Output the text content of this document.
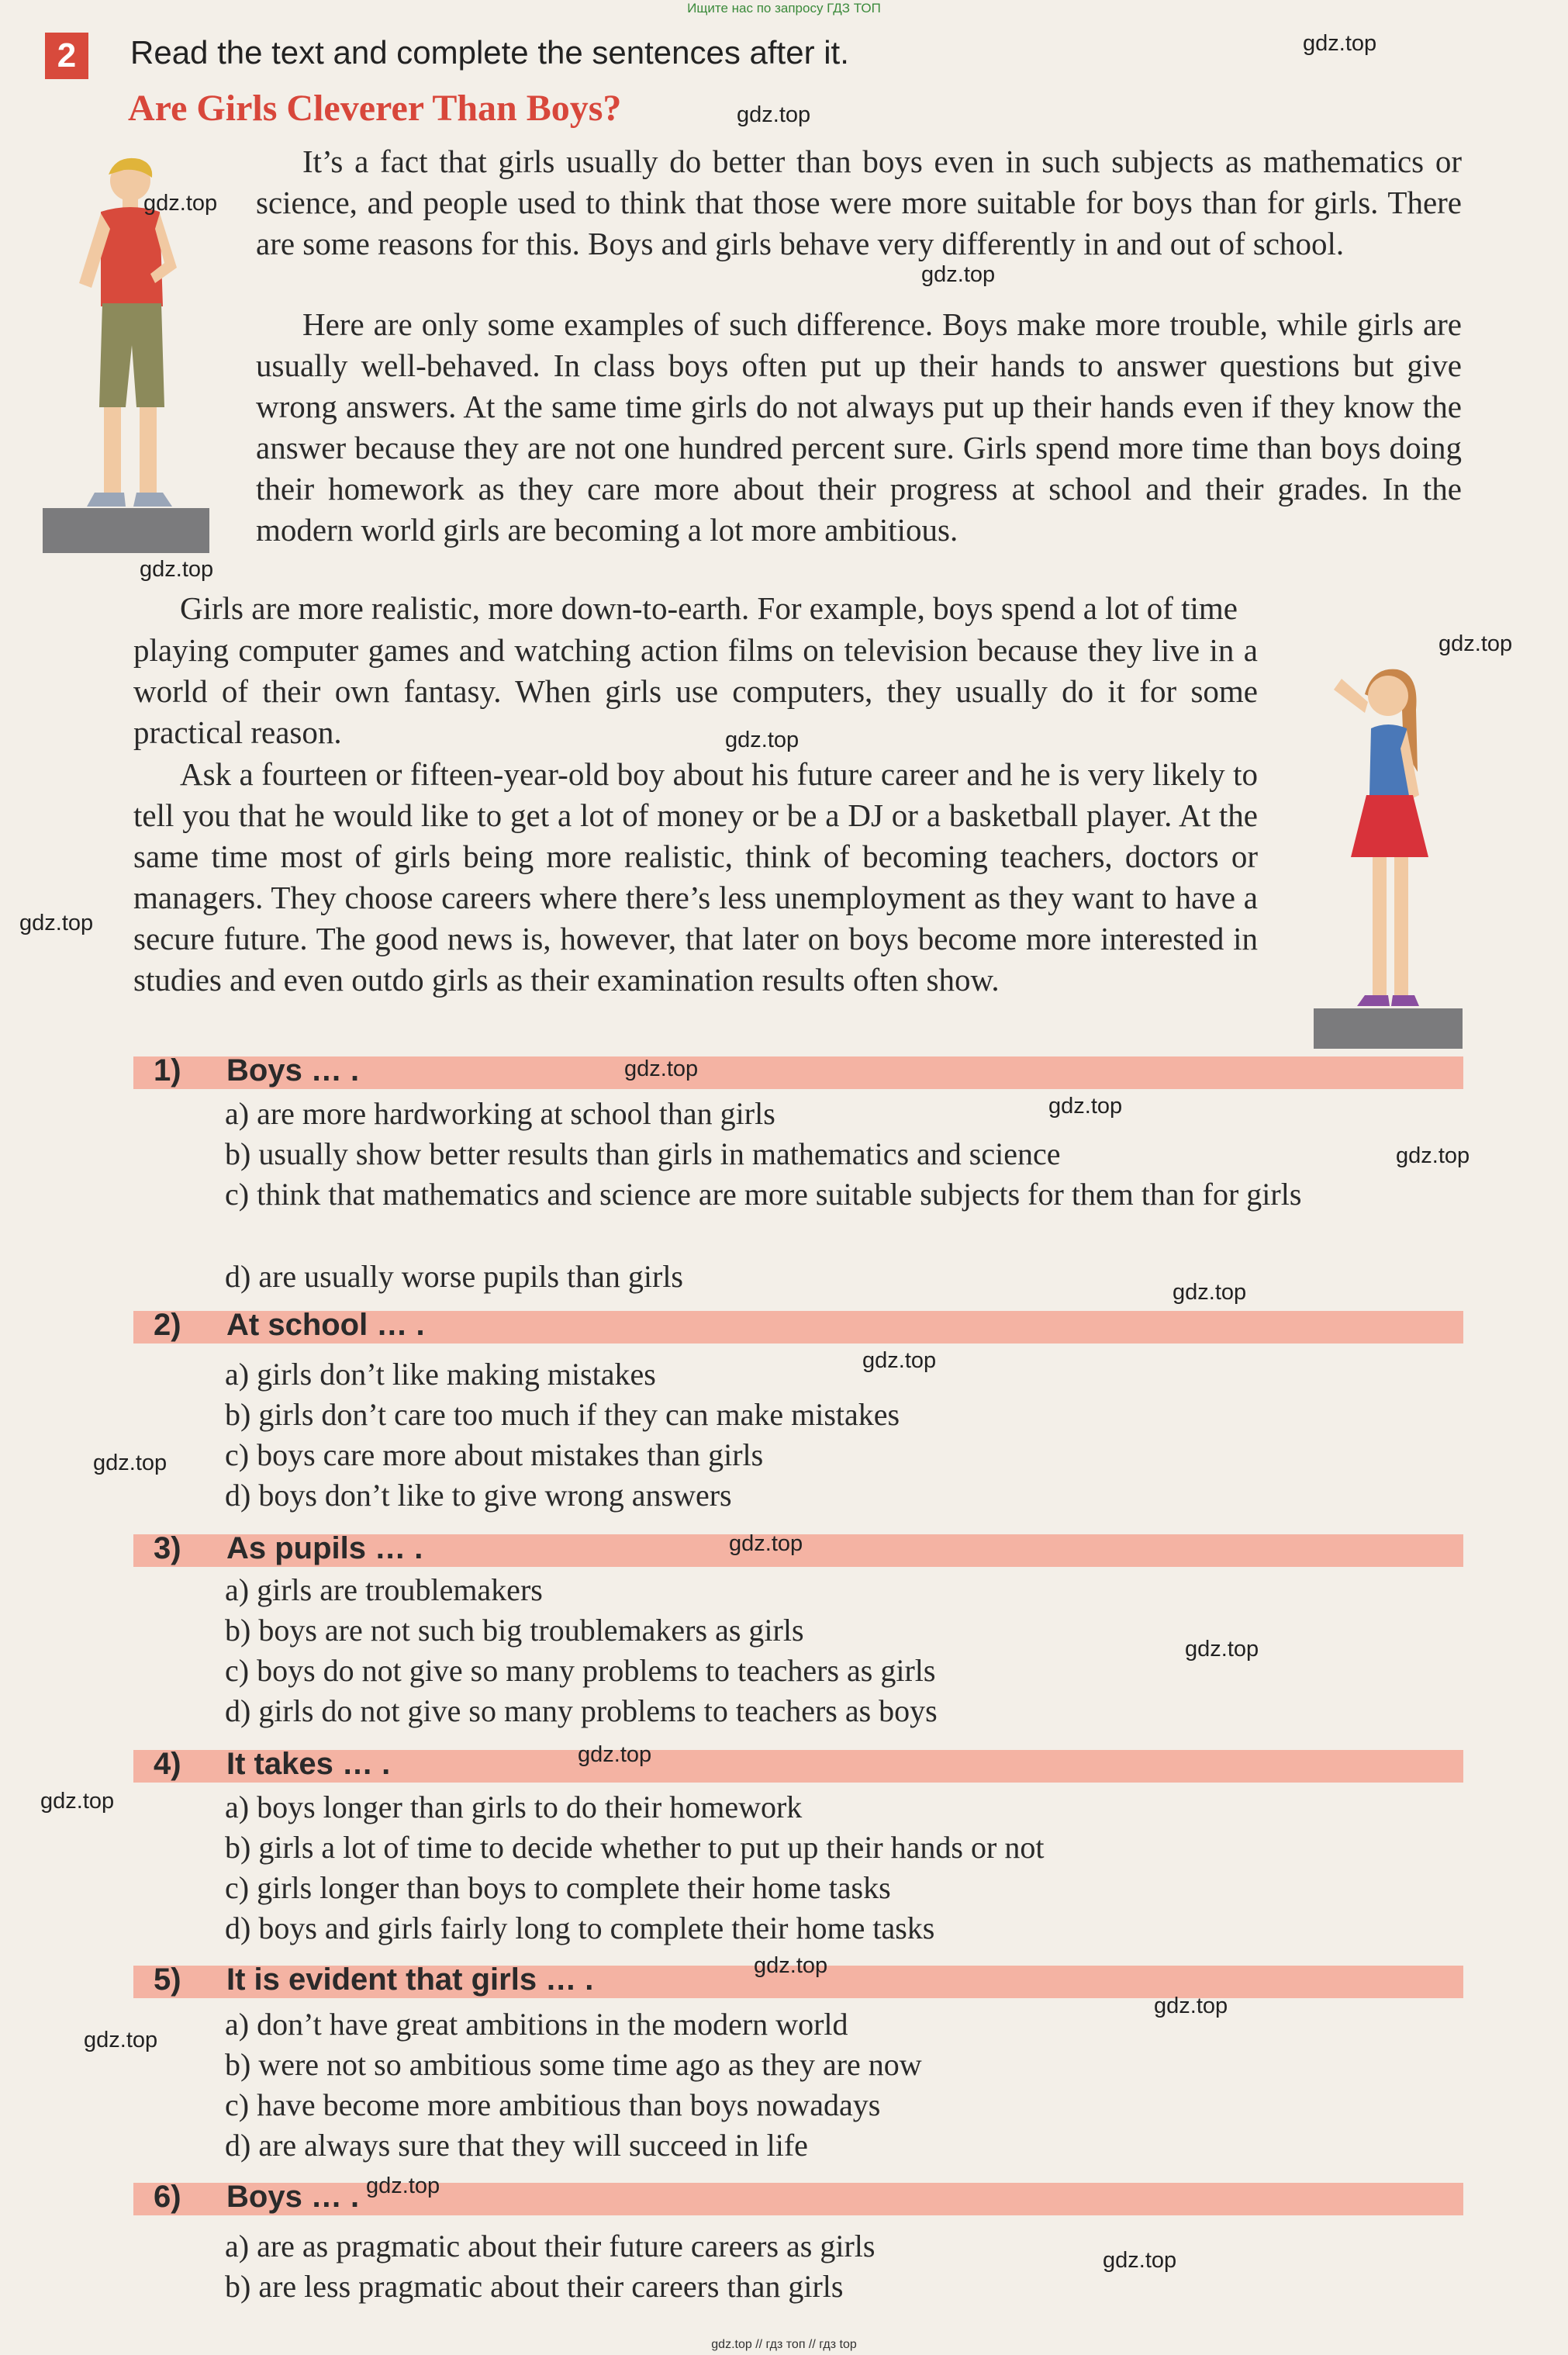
Ищите нас по запросу ГДЗ ТОП
2	Read the text and complete the sentences after it.
Are Girls Cleverer Than Boys?
It’s a fact that girls usually do better than boys even in such subjects as mathematics or science, and people used to think that those were more suitable for boys than for girls. There are some reasons for this. Boys and girls behave very differently in and out of school.
Here are only some examples of such difference. Boys make more trouble, while girls are usually well-behaved. In class boys often put up their hands to answer questions but give wrong answers. At the same time girls do not always put up their hands even if they know the answer because they are not one hundred percent sure. Girls spend more time than boys doing their homework as they care more about their progress at school and their grades. In the modern world girls are becoming a lot more ambitious.
Girls are more realistic, more down-to-earth. For example, boys spend a lot of time
playing computer games and watching action films on television because they live in a world of their own fantasy. When girls use computers, they usually do it for some practical reason.
Ask a fourteen or fifteen-year-old boy about his future career and he is very likely to tell you that he would like to get a lot of money or be a DJ or a basketball player. At the same time most of girls being more realistic, think of becoming teachers, doctors or managers. They choose careers where there’s less unemployment as they want to have a secure future. The good news is, however, that later on boys become more interested in studies and even outdo girls as their examination results often show.
1) Boys … .
a) are more hardworking at school than girls
b) usually show better results than girls in mathematics and science
c) think that mathematics and science are more suitable subjects for them than for girls
d) are usually worse pupils than girls
2) At school … .
a) girls don’t like making mistakes
b) girls don’t care too much if they can make mistakes
c) boys care more about mistakes than girls
d) boys don’t like to give wrong answers
3) As pupils … .
a) girls are troublemakers
b) boys are not such big troublemakers as girls
c) boys do not give so many problems to teachers as girls
d) girls do not give so many problems to teachers as boys
4) It takes … .
a) boys longer than girls to do their homework
b) girls a lot of time to decide whether to put up their hands or not
c) girls longer than boys to complete their home tasks
d) boys and girls fairly long to complete their home tasks
5) It is evident that girls … .
a) don’t have great ambitions in the modern world
b) were not so ambitious some time ago as they are now
c) have become more ambitious than boys nowadays
d) are always sure that they will succeed in life
6) Boys … .
a) are as pragmatic about their future careers as girls
b) are less pragmatic about their careers than girls
gdz.top
gdz.top
gdz.top
gdz.top
gdz.top
gdz.top
gdz.top
gdz.top
gdz.top
gdz.top
gdz.top
gdz.top
gdz.top
gdz.top
gdz.top
gdz.top
gdz.top
gdz.top
gdz.top
gdz.top
gdz.top
gdz.top
gdz.top
gdz.top // гдз топ // гдз top
